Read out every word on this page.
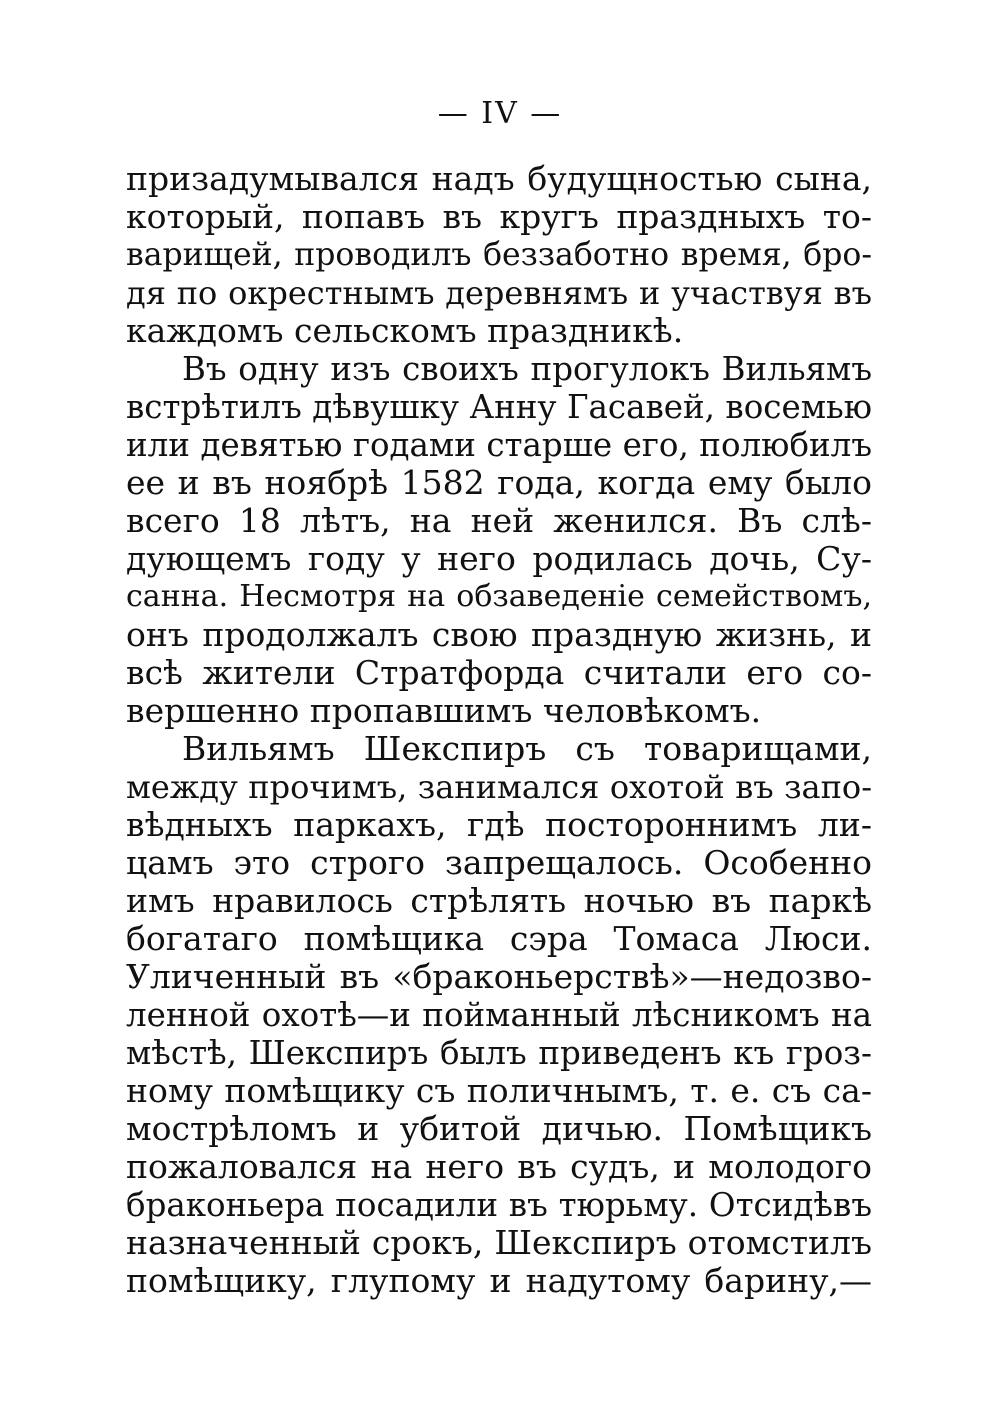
— IV —
призадумывался надъ будущностью сына,
который, попавъ въ кругъ праздныхъ то-
варищей, проводилъ беззаботно время, бро-
дя по окрестнымъ деревнямъ и участвуя въ
каждомъ сельскомъ праздникѣ.
Въ одну изъ своихъ прогулокъ Вильямъ
встрѣтилъ дѣвушку Анну Гасавей, восемью
или девятью годами старше его, полюбилъ
ее и въ ноябрѣ 1582 года, когда ему было
всего 18 лѣтъ, на ней женился. Въ слѣ-
дующемъ году у него родилась дочь, Су-
санна. Несмотря на обзаведеніе семействомъ,
онъ продолжалъ свою праздную жизнь, и
всѣ жители Стратфорда считали его со-
вершенно пропавшимъ человѣкомъ.
Вильямъ Шекспиръ съ товарищами,
между прочимъ, занимался охотой въ запо-
вѣдныхъ паркахъ, гдѣ постороннимъ ли-
цамъ это строго запрещалось. Особенно
имъ нравилось стрѣлять ночью въ паркѣ
богатаго помѣщика сэра Томаса Люси.
Уличенный въ «браконьерствѣ»—недозво-
ленной охотѣ—и пойманный лѣсникомъ на
мѣстѣ, Шекспиръ былъ приведенъ къ гроз-
ному помѣщику съ поличнымъ, т. е. съ са-
мострѣломъ и убитой дичью. Помѣщикъ
пожаловался на него въ судъ, и молодого
браконьера посадили въ тюрьму. Отсидѣвъ
назначенный срокъ, Шекспиръ отомстилъ
помѣщику, глупому и надутому барину,—
